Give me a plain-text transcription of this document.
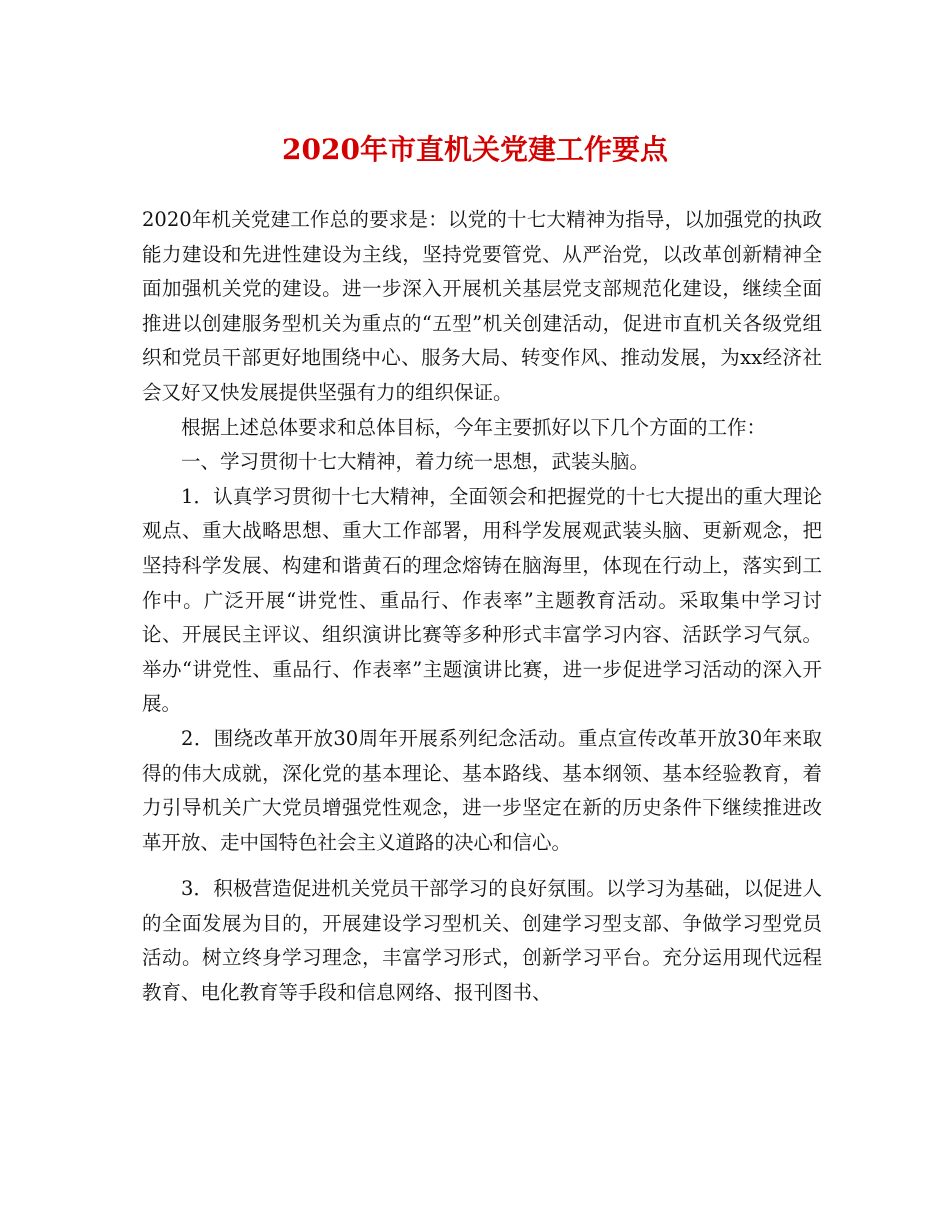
2020年市直机关党建工作要点

2020年机关党建工作总的要求是：以党的十七大精神为指导，以加强党的执政能力建设和先进性建设为主线，坚持党要管党、从严治党，以改革创新精神全面加强机关党的建设。进一步深入开展机关基层党支部规范化建设，继续全面推进以创建服务型机关为重点的“五型”机关创建活动，促进市直机关各级党组织和党员干部更好地围绕中心、服务大局、转变作风、推动发展，为xx经济社会又好又快发展提供坚强有力的组织保证。

根据上述总体要求和总体目标，今年主要抓好以下几个方面的工作：

一、学习贯彻十七大精神，着力统一思想，武装头脑。

1．认真学习贯彻十七大精神，全面领会和把握党的十七大提出的重大理论观点、重大战略思想、重大工作部署，用科学发展观武装头脑、更新观念，把坚持科学发展、构建和谐黄石的理念熔铸在脑海里，体现在行动上，落实到工作中。广泛开展“讲党性、重品行、作表率”主题教育活动。采取集中学习讨论、开展民主评议、组织演讲比赛等多种形式丰富学习内容、活跃学习气氛。举办“讲党性、重品行、作表率”主题演讲比赛，进一步促进学习活动的深入开展。

2．围绕改革开放30周年开展系列纪念活动。重点宣传改革开放30年来取得的伟大成就，深化党的基本理论、基本路线、基本纲领、基本经验教育，着力引导机关广大党员增强党性观念，进一步坚定在新的历史条件下继续推进改革开放、走中国特色社会主义道路的决心和信心。

3．积极营造促进机关党员干部学习的良好氛围。以学习为基础，以促进人的全面发展为目的，开展建设学习型机关、创建学习型支部、争做学习型党员活动。树立终身学习理念，丰富学习形式，创新学习平台。充分运用现代远程教育、电化教育等手段和信息网络、报刊图书、
